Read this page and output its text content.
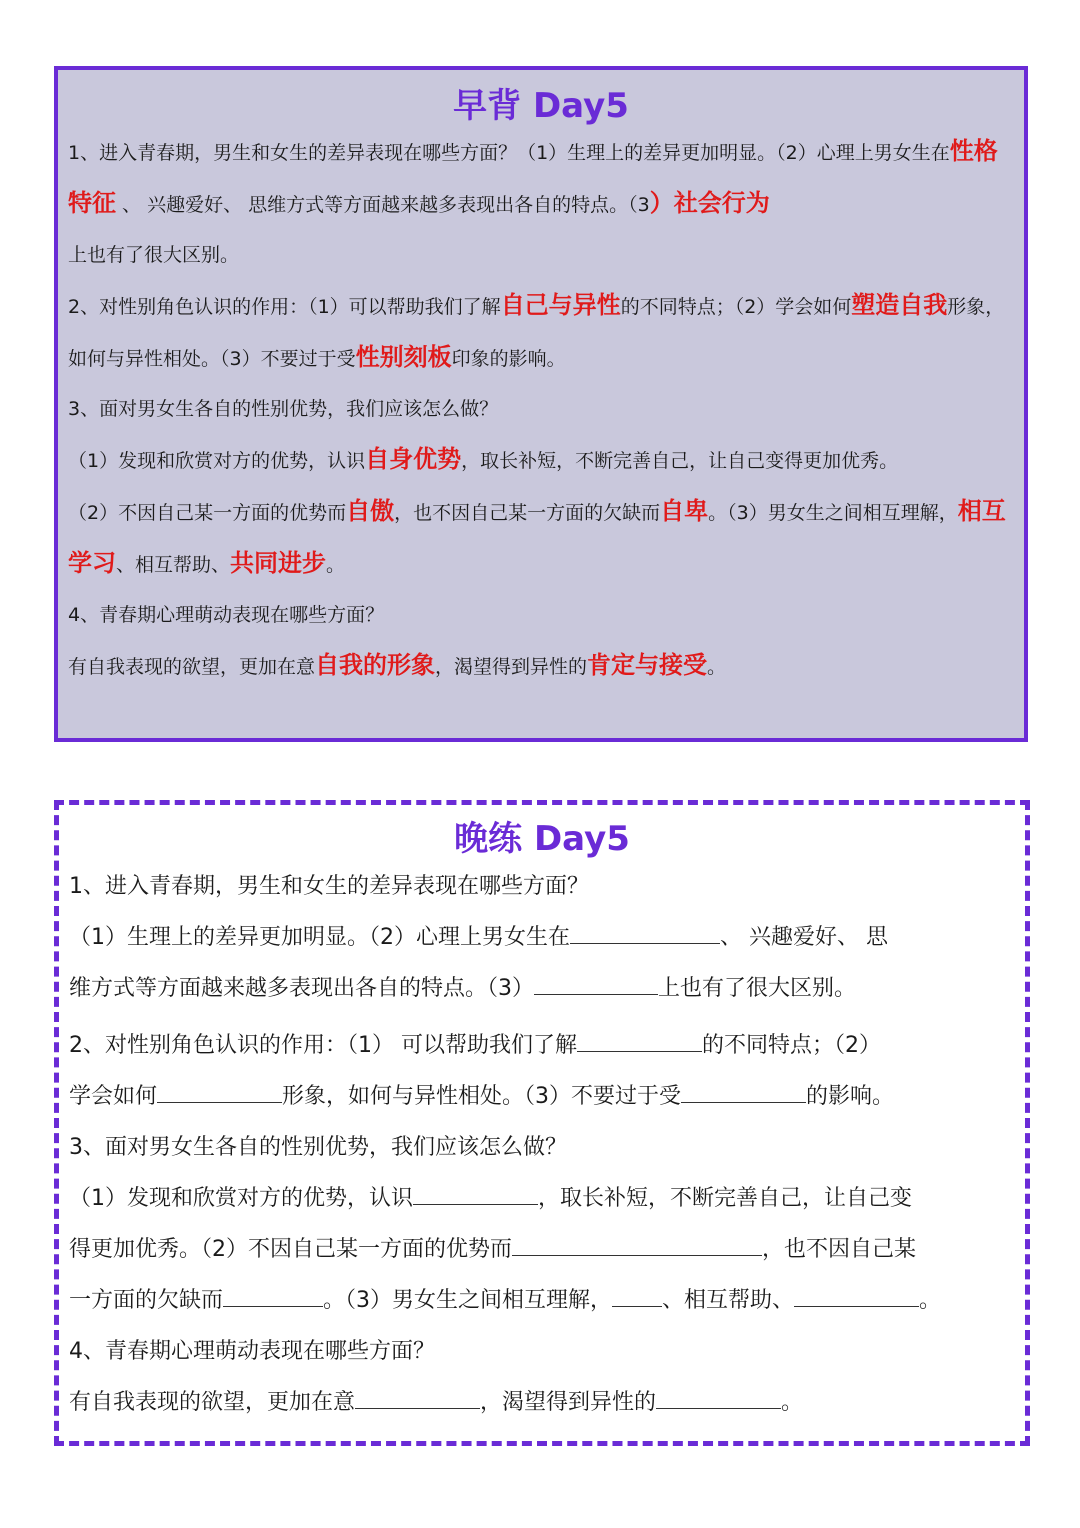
早背 Day5

1、进入青春期，男生和女生的差异表现在哪些方面？（1）生理上的差异更加明显。（2）心理上男女生在性格特征 、 兴趣爱好、 思维方式等方面越来越多表现出各自的特点。（3）社会行为
上也有了很大区别。

2、对性别角色认识的作用：（1）可以帮助我们了解自己与异性的不同特点；（2）学会如何塑造自我形象，如何与异性相处。（3）不要过于受性别刻板印象的影响。

3、面对男女生各自的性别优势，我们应该怎么做？

（1）发现和欣赏对方的优势，认识自身优势，取长补短，不断完善自己，让自己变得更加优秀。

（2）不因自己某一方面的优势而自傲，也不因自己某一方面的欠缺而自卑。（3）男女生之间相互理解，相互学习、相互帮助、共同进步。

4、青春期心理萌动表现在哪些方面？

有自我表现的欲望，更加在意自我的形象，渴望得到异性的肯定与接受。

晚练 Day5

1、进入青春期，男生和女生的差异表现在哪些方面？

（1）生理上的差异更加明显。（2）心理上男女生在	、 兴趣爱好、 思

维方式等方面越来越多表现出各自的特点。（3）	上也有了很大区别。

2、对性别角色认识的作用：（1） 可以帮助我们了解	的不同特点；（2）

学会如何	形象，如何与异性相处。（3）不要过于受	的影响。

3、面对男女生各自的性别优势，我们应该怎么做？

（1）发现和欣赏对方的优势，认识	，取长补短，不断完善自己，让自己变

得更加优秀。（2）不因自己某一方面的优势而	，也不因自己某

一方面的欠缺而	。（3）男女生之间相互理解， 、相互帮助、	。

4、青春期心理萌动表现在哪些方面？

有自我表现的欲望，更加在意	，渴望得到异性的	。
